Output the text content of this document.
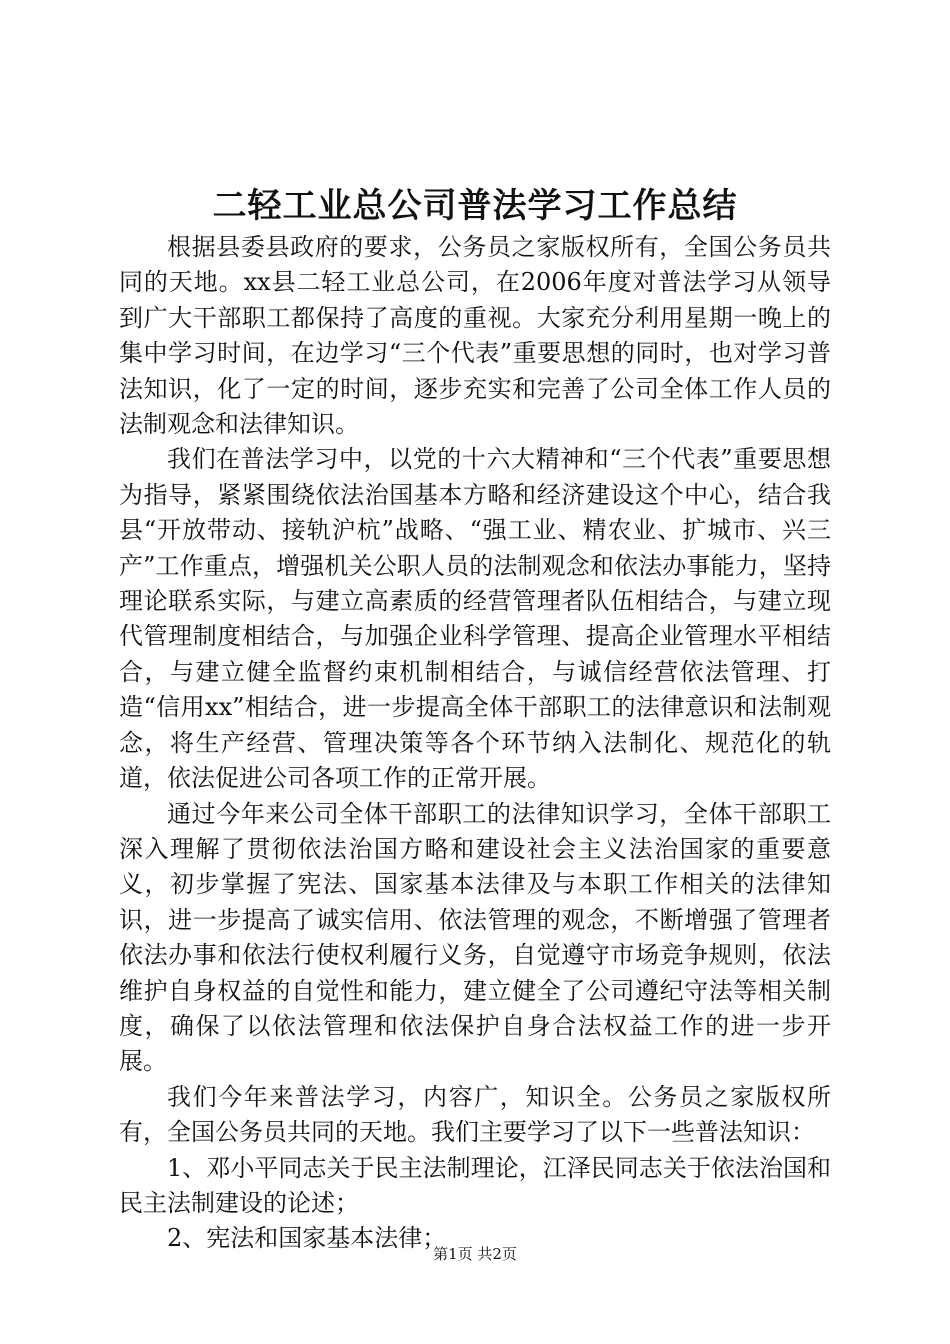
二轻工业总公司普法学习工作总结

根据县委县政府的要求，公务员之家版权所有，全国公务员共同的天地。xx县二轻工业总公司，在2006年度对普法学习从领导到广大干部职工都保持了高度的重视。大家充分利用星期一晚上的集中学习时间，在边学习“三个代表”重要思想的同时，也对学习普法知识，化了一定的时间，逐步充实和完善了公司全体工作人员的法制观念和法律知识。

我们在普法学习中，以党的十六大精神和“三个代表”重要思想为指导，紧紧围绕依法治国基本方略和经济建设这个中心，结合我县“开放带动、接轨沪杭”战略、“强工业、精农业、扩城市、兴三产”工作重点，增强机关公职人员的法制观念和依法办事能力，坚持理论联系实际，与建立高素质的经营管理者队伍相结合，与建立现代管理制度相结合，与加强企业科学管理、提高企业管理水平相结合，与建立健全监督约束机制相结合，与诚信经营依法管理、打造“信用xx”相结合，进一步提高全体干部职工的法律意识和法制观念，将生产经营、管理决策等各个环节纳入法制化、规范化的轨道，依法促进公司各项工作的正常开展。

通过今年来公司全体干部职工的法律知识学习，全体干部职工深入理解了贯彻依法治国方略和建设社会主义法治国家的重要意义，初步掌握了宪法、国家基本法律及与本职工作相关的法律知识，进一步提高了诚实信用、依法管理的观念，不断增强了管理者依法办事和依法行使权利履行义务，自觉遵守市场竞争规则，依法维护自身权益的自觉性和能力，建立健全了公司遵纪守法等相关制度，确保了以依法管理和依法保护自身合法权益工作的进一步开展。

我们今年来普法学习，内容广，知识全。公务员之家版权所有，全国公务员共同的天地。我们主要学习了以下一些普法知识：

1、邓小平同志关于民主法制理论，江泽民同志关于依法治国和民主法制建设的论述；

2、宪法和国家基本法律；

第1页 共2页
